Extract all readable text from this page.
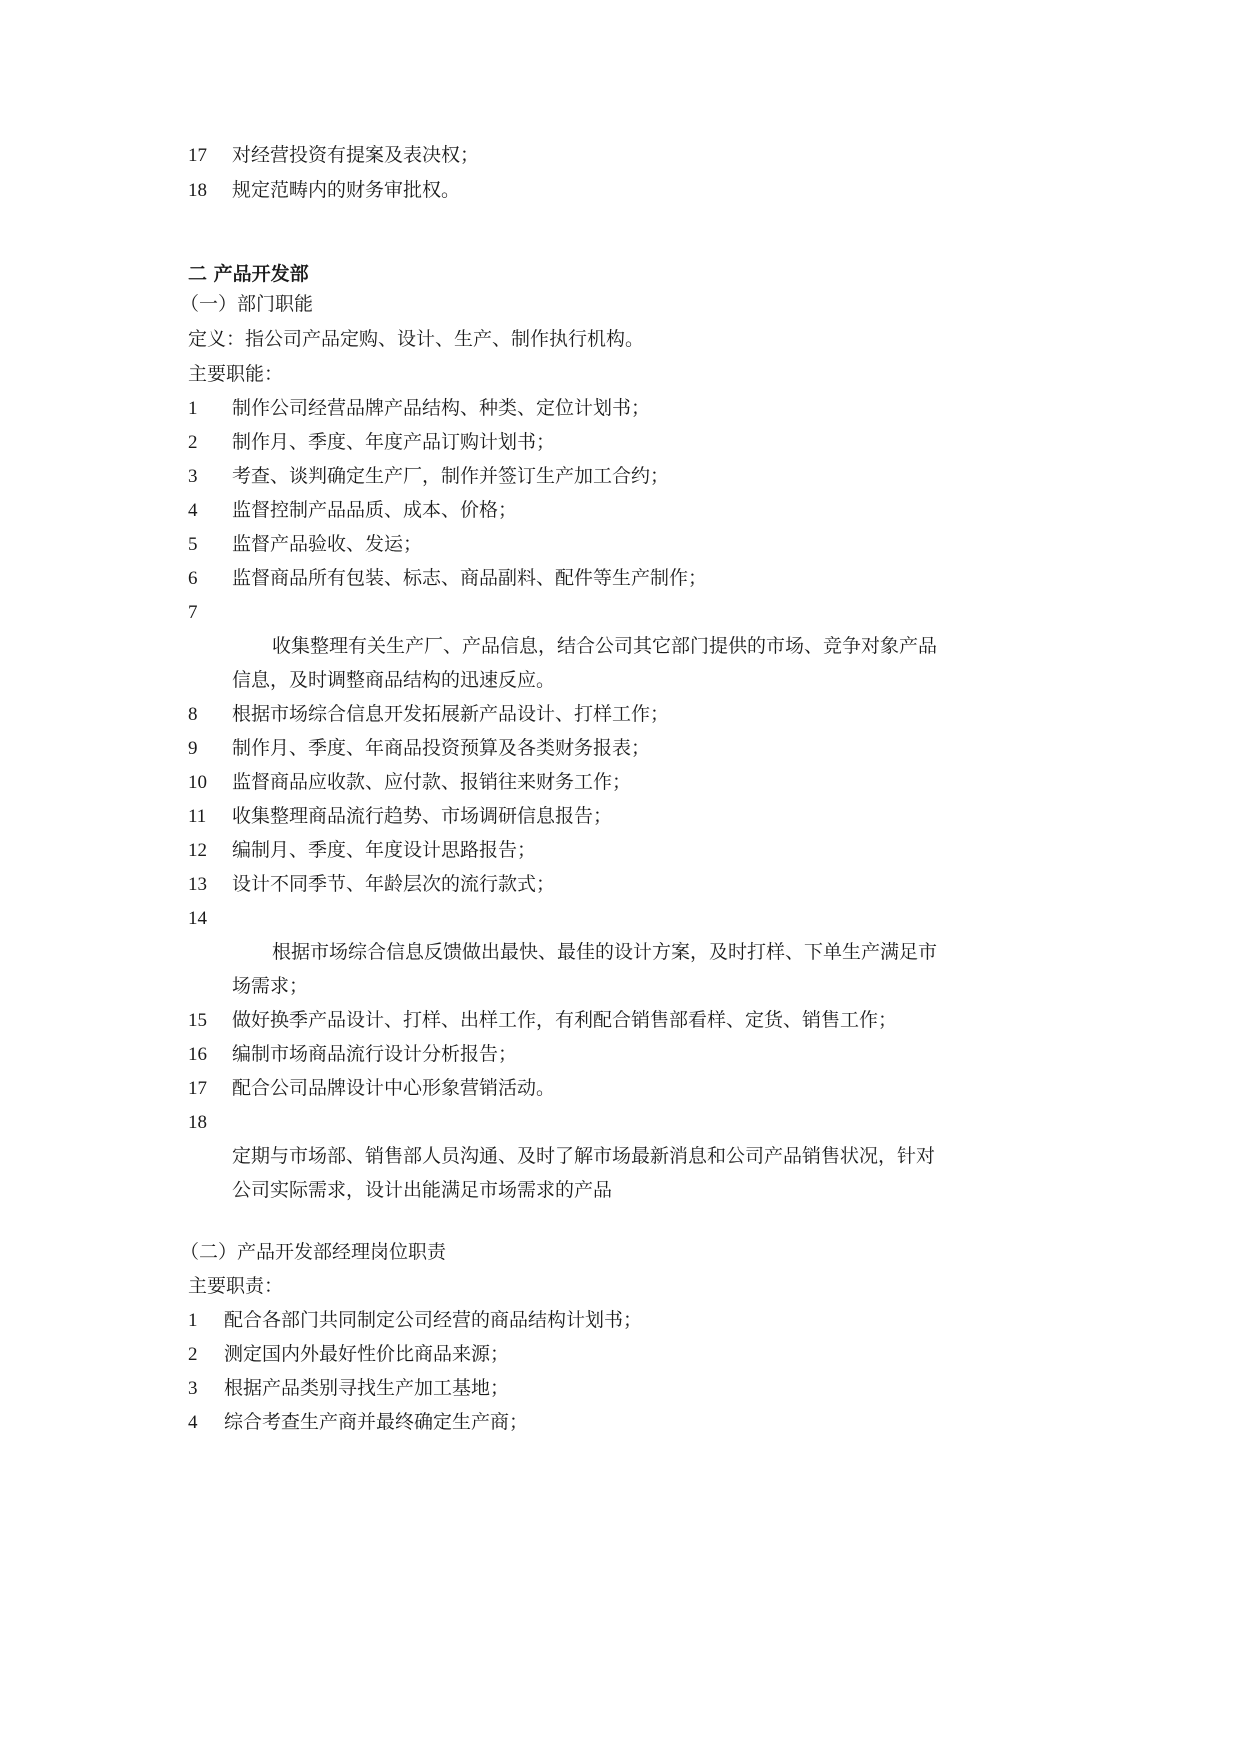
17 对经营投资有提案及表决权；
18 规定范畴内的财务审批权。
二 产品开发部
（一）部门职能
定义：指公司产品定购、设计、生产、制作执行机构。
主要职能：
1 制作公司经营品牌产品结构、种类、定位计划书；
2 制作月、季度、年度产品订购计划书；
3 考查、谈判确定生产厂，制作并签订生产加工合约；
4 监督控制产品品质、成本、价格；
5 监督产品验收、发运；
6 监督商品所有包装、标志、商品副料、配件等生产制作；
7
收集整理有关生产厂、产品信息，结合公司其它部门提供的市场、竞争对象产品
信息，及时调整商品结构的迅速反应。
8 根据市场综合信息开发拓展新产品设计、打样工作；
9 制作月、季度、年商品投资预算及各类财务报表；
10 监督商品应收款、应付款、报销往来财务工作；
11 收集整理商品流行趋势、市场调研信息报告；
12 编制月、季度、年度设计思路报告；
13 设计不同季节、年龄层次的流行款式；
14
根据市场综合信息反馈做出最快、最佳的设计方案，及时打样、下单生产满足市
场需求；
15 做好换季产品设计、打样、出样工作，有利配合销售部看样、定货、销售工作；
16 编制市场商品流行设计分析报告；
17 配合公司品牌设计中心形象营销活动。
18
定期与市场部、销售部人员沟通、及时了解市场最新消息和公司产品销售状况，针对
公司实际需求，设计出能满足市场需求的产品
（二）产品开发部经理岗位职责
主要职责：
1 配合各部门共同制定公司经营的商品结构计划书；
2 测定国内外最好性价比商品来源；
3 根据产品类别寻找生产加工基地；
4 综合考查生产商并最终确定生产商；
